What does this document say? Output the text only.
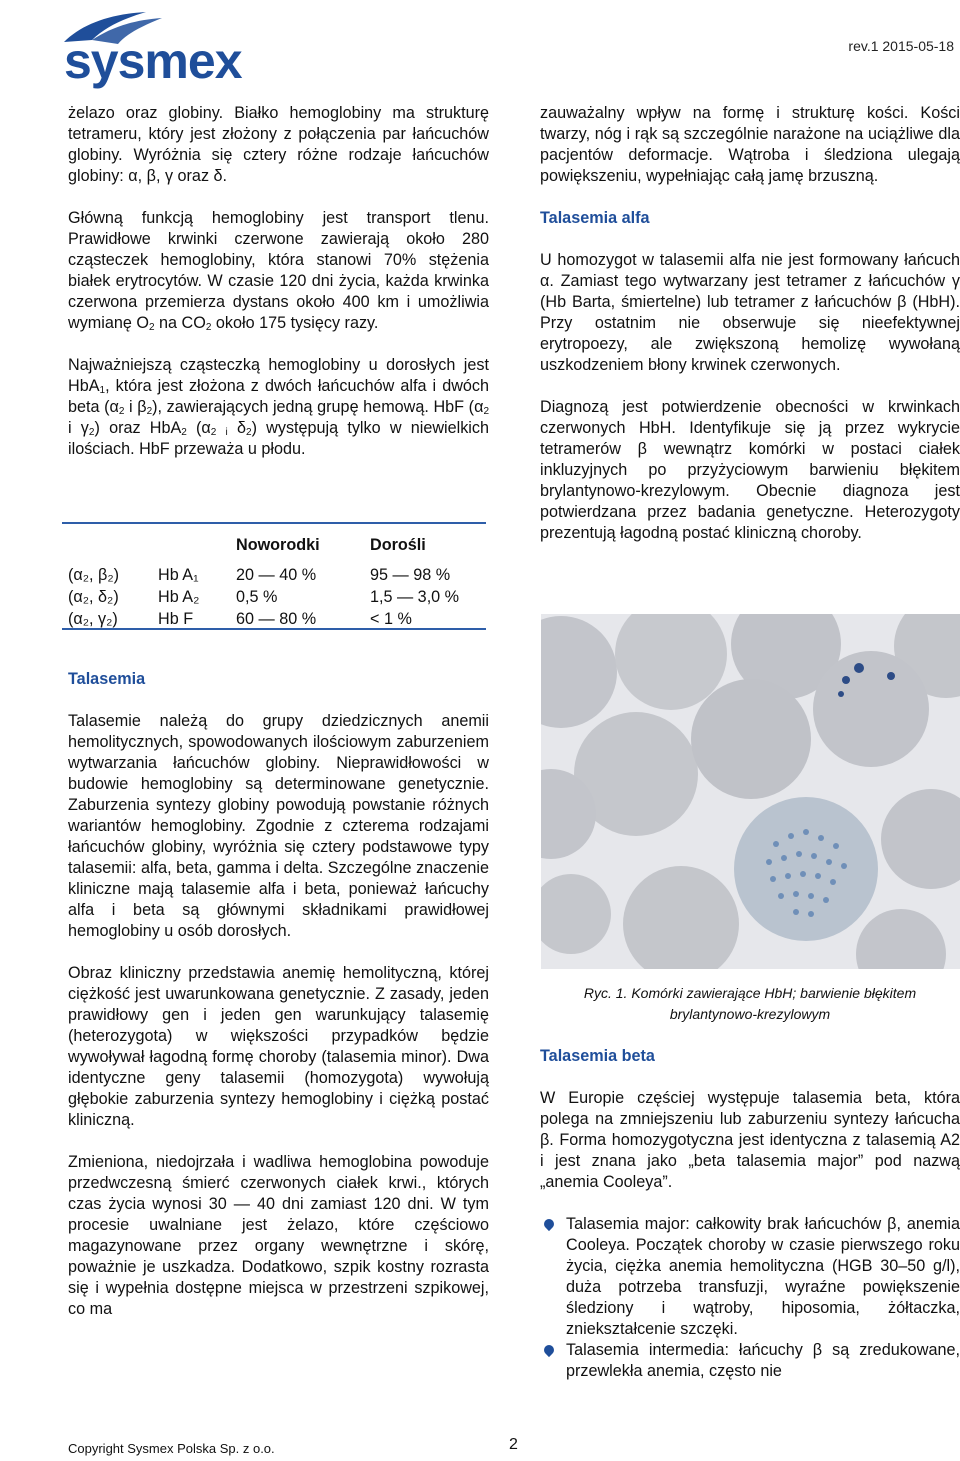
sysmex	rev.1 2015-05-18

żelazo oraz globiny. Białko hemoglobiny ma strukturę tetrameru, który jest złożony z połączenia par łańcuchów globiny. Wyróżnia się cztery różne rodzaje łańcuchów globiny: α, β, γ oraz δ.

Główną funkcją hemoglobiny jest transport tlenu. Prawidłowe krwinki czerwone zawierają około 280 cząsteczek hemoglobiny, która stanowi 70% stężenia białek erytrocytów. W czasie 120 dni życia, każda krwinka czerwona przemierza dystans około 400 km i umożliwia wymianę $O_2$ na $CO_2$ około 175 tysięcy razy.

Najważniejszą cząsteczką hemoglobiny u dorosłych jest HbA$_1$, która jest złożona z dwóch łańcuchów alfa i dwóch beta ($\alpha_2$ i $\beta_2$), zawierających jedną grupę hemową. HbF ($\alpha_2$ i $\gamma_2$) oraz HbA$_2$ ($\alpha_2$ $_i$ $\delta_2$) występują tylko w niewielkich ilościach. HbF przeważa u płodu.

		Noworodki	Dorośli

(α₂, β₂)	Hb A₁	20 — 40 %	95 — 98 %
(α₂, δ₂)	Hb A₂	0,5 %	1,5 — 3,0 %
(α₂, γ₂)	Hb F	60 — 80 %	< 1 %

Talasemia

Talasemie należą do grupy dziedzicznych anemii hemolitycznych, spowodowanych ilościowym zaburzeniem wytwarzania łańcuchów globiny. Nieprawidłowości w budowie hemoglobiny są determinowane genetycznie. Zaburzenia syntezy globiny powodują powstanie różnych wariantów hemoglobiny. Zgodnie z czterema rodzajami łańcuchów globiny, wyróżnia się cztery podstawowe typy talasemii: alfa, beta, gamma i delta. Szczególne znaczenie kliniczne mają talasemie alfa i beta, ponieważ łańcuchy alfa i beta są głównymi składnikami prawidłowej hemoglobiny u osób dorosłych.

Obraz kliniczny przedstawia anemię hemolityczną, której ciężkość jest uwarunkowana genetycznie. Z zasady, jeden prawidłowy gen i jeden gen warunkujący talasemię (heterozygota) w większości przypadków będzie wywoływał łagodną formę choroby (talasemia minor). Dwa identyczne geny talasemii (homozygota) wywołują głębokie zaburzenia syntezy hemoglobiny i ciężką postać kliniczną.

Zmieniona, niedojrzała i wadliwa hemoglobina powoduje przedwczesną śmierć czerwonych ciałek krwi., których czas życia wynosi 30 — 40 dni zamiast 120 dni. W tym procesie uwalniane jest żelazo, które częściowo magazynowane przez organy wewnętrzne i skórę, poważnie je uszkadza. Dodatkowo, szpik kostny rozrasta się i wypełnia dostępne miejsca w przestrzeni szpikowej, co ma

zauważalny wpływ na formę i strukturę kości. Kości twarzy, nóg i rąk są szczególnie narażone na uciążliwe dla pacjentów deformacje. Wątroba i śledziona ulegają powiększeniu, wypełniając całą jamę brzuszną.

Talasemia alfa

U homozygot w talasemii alfa nie jest formowany łańcuch α. Zamiast tego wytwarzany jest tetramer z łańcuchów γ (Hb Barta, śmiertelne) lub tetramer z łańcuchów β (HbH). Przy ostatnim nie obserwuje się nieefektywnej erytropoezy, ale zwiększoną hemolizę wywołaną uszkodzeniem błony krwinek czerwonych.

Diagnozą jest potwierdzenie obecności w krwinkach czerwonych HbH. Identyfikuje się ją przez wykrycie tetramerów β wewnątrz komórki w postaci ciałek inkluzyjnych po przyżyciowym barwieniu błękitem brylantynowo-krezylowym. Obecnie diagnoza jest potwierdzana przez badania genetyczne. Heterozygoty prezentują łagodną postać kliniczną choroby.

Ryc. 1. Komórki zawierające HbH; barwienie błękitem brylantynowo-krezylowym

Talasemia beta

W Europie częściej występuje talasemia beta, która polega na zmniejszeniu lub zaburzeniu syntezy łańcucha β. Forma homozygotyczna jest identyczna z talasemią A2 i jest znana jako „beta talasemia major” pod nazwą „anemia Cooleya”.

Talasemia major: całkowity brak łańcuchów β, anemia Cooleya. Początek choroby w czasie pierwszego roku życia, ciężka anemia hemolityczna (HGB 30–50 g/l), duża potrzeba transfuzji, wyraźne powiększenie śledziony i wątroby, hiposomia, żółtaczka, zniekształcenie szczęki.
Talasemia intermedia: łańcuchy β są zredukowane, przewlekła anemia, często nie
Copyright Sysmex Polska Sp. z o.o.	2
